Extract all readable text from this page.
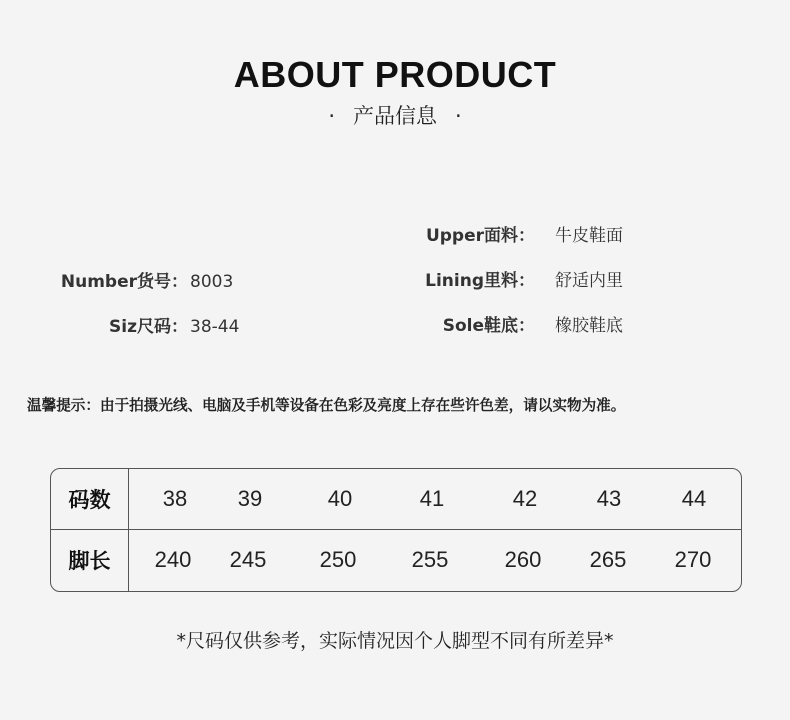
ABOUT PRODUCT
· 产品信息 ·
Number货号： 8003
Siz尺码： 38-44
Upper面料： 牛皮鞋面
Lining里料： 舒适内里
Sole鞋底： 橡胶鞋底
温馨提示：由于拍摄光线、电脑及手机等设备在色彩及亮度上存在些许色差，请以实物为准。
码数	38	39	40	41	42	43	44
脚长	240	245	250	255	260	265	270
*尺码仅供参考，实际情况因个人脚型不同有所差异*
